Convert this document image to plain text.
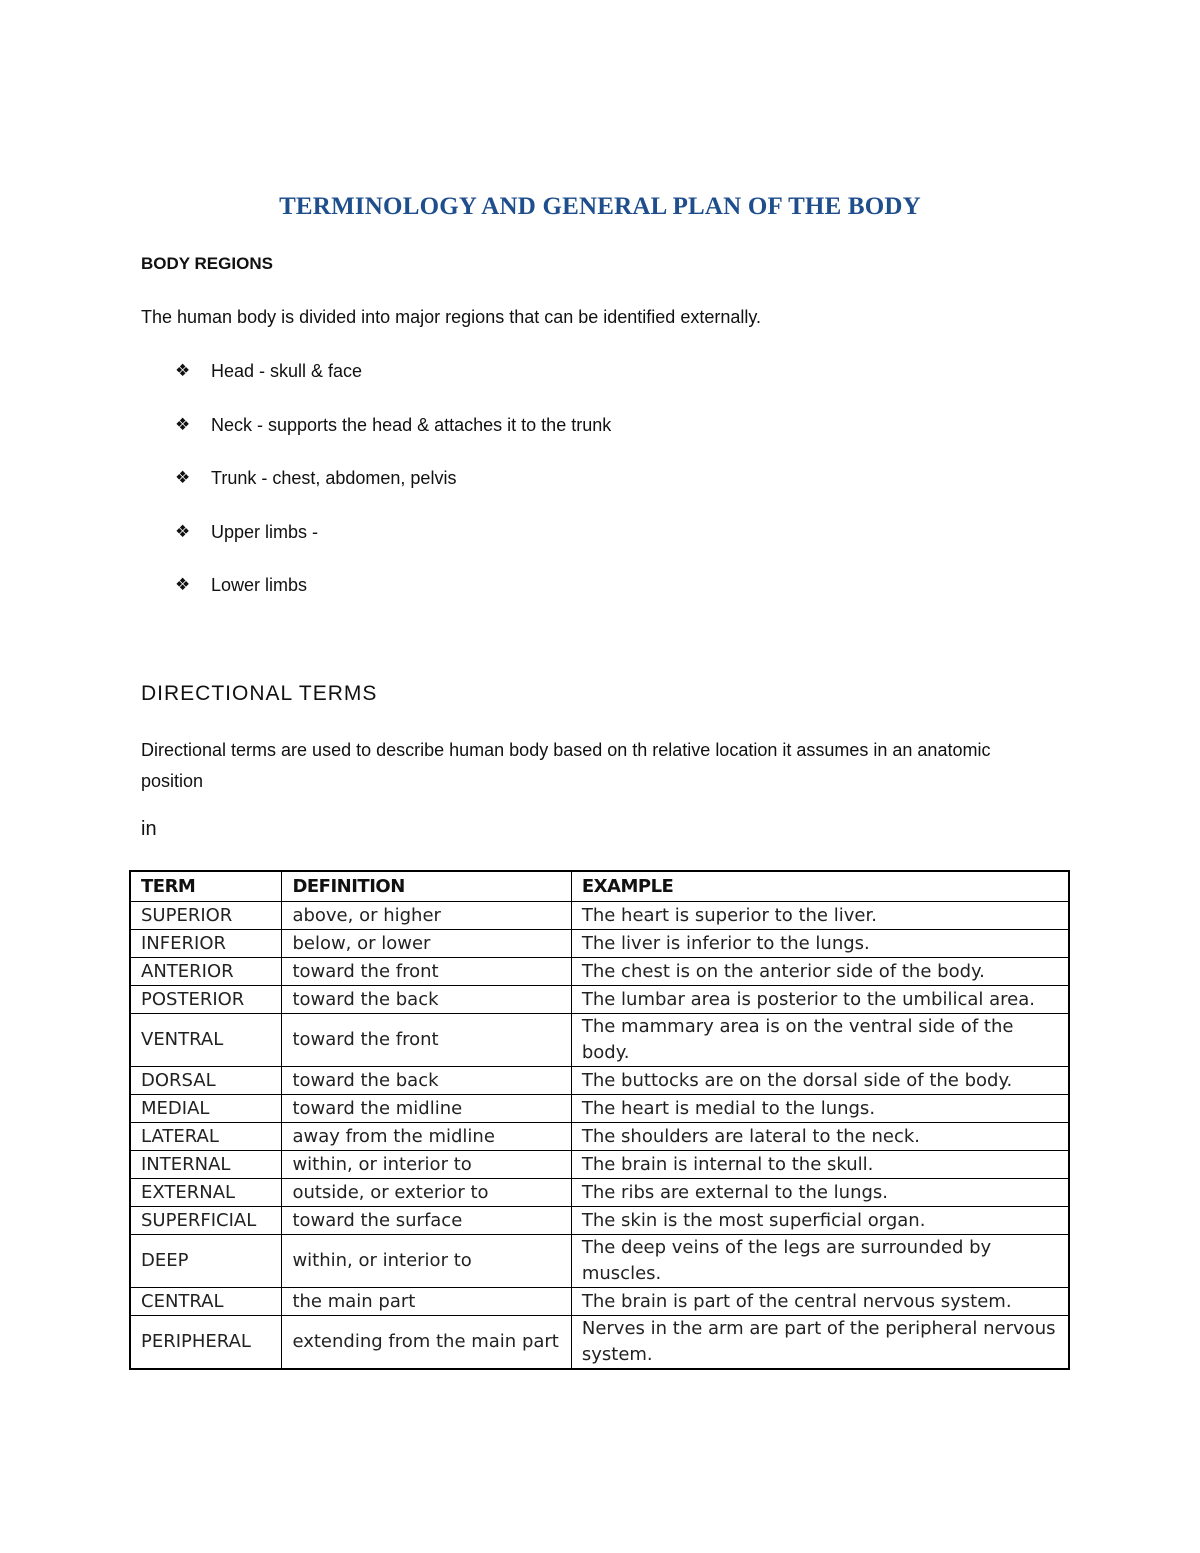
TERMINOLOGY AND GENERAL PLAN OF THE BODY
BODY REGIONS

The human body is divided into major regions that can be identified externally.

❖	Head - skull & face
❖	Neck - supports the head & attaches it to the trunk
❖	Trunk - chest, abdomen, pelvis
❖	Upper limbs -
❖	Lower limbs
DIRECTIONAL TERMS

Directional terms are used to describe human body based on th relative location it assumes in an anatomic position

in

TERM	DEFINITION	EXAMPLE
SUPERIOR	above, or higher	The heart is superior to the liver.
INFERIOR	below, or lower	The liver is inferior to the lungs.
ANTERIOR	toward the front	The chest is on the anterior side of the body.
POSTERIOR	toward the back	The lumbar area is posterior to the umbilical area.
VENTRAL	toward the front	The mammary area is on the ventral side of the body.
DORSAL	toward the back	The buttocks are on the dorsal side of the body.
MEDIAL	toward the midline	The heart is medial to the lungs.
LATERAL	away from the midline	The shoulders are lateral to the neck.
INTERNAL	within, or interior to	The brain is internal to the skull.
EXTERNAL	outside, or exterior to	The ribs are external to the lungs.
SUPERFICIAL	toward the surface	The skin is the most superficial organ.
DEEP	within, or interior to	The deep veins of the legs are surrounded by muscles.
CENTRAL	the main part	The brain is part of the central nervous system.
PERIPHERAL	extending from the main part	Nerves in the arm are part of the peripheral nervous system.
